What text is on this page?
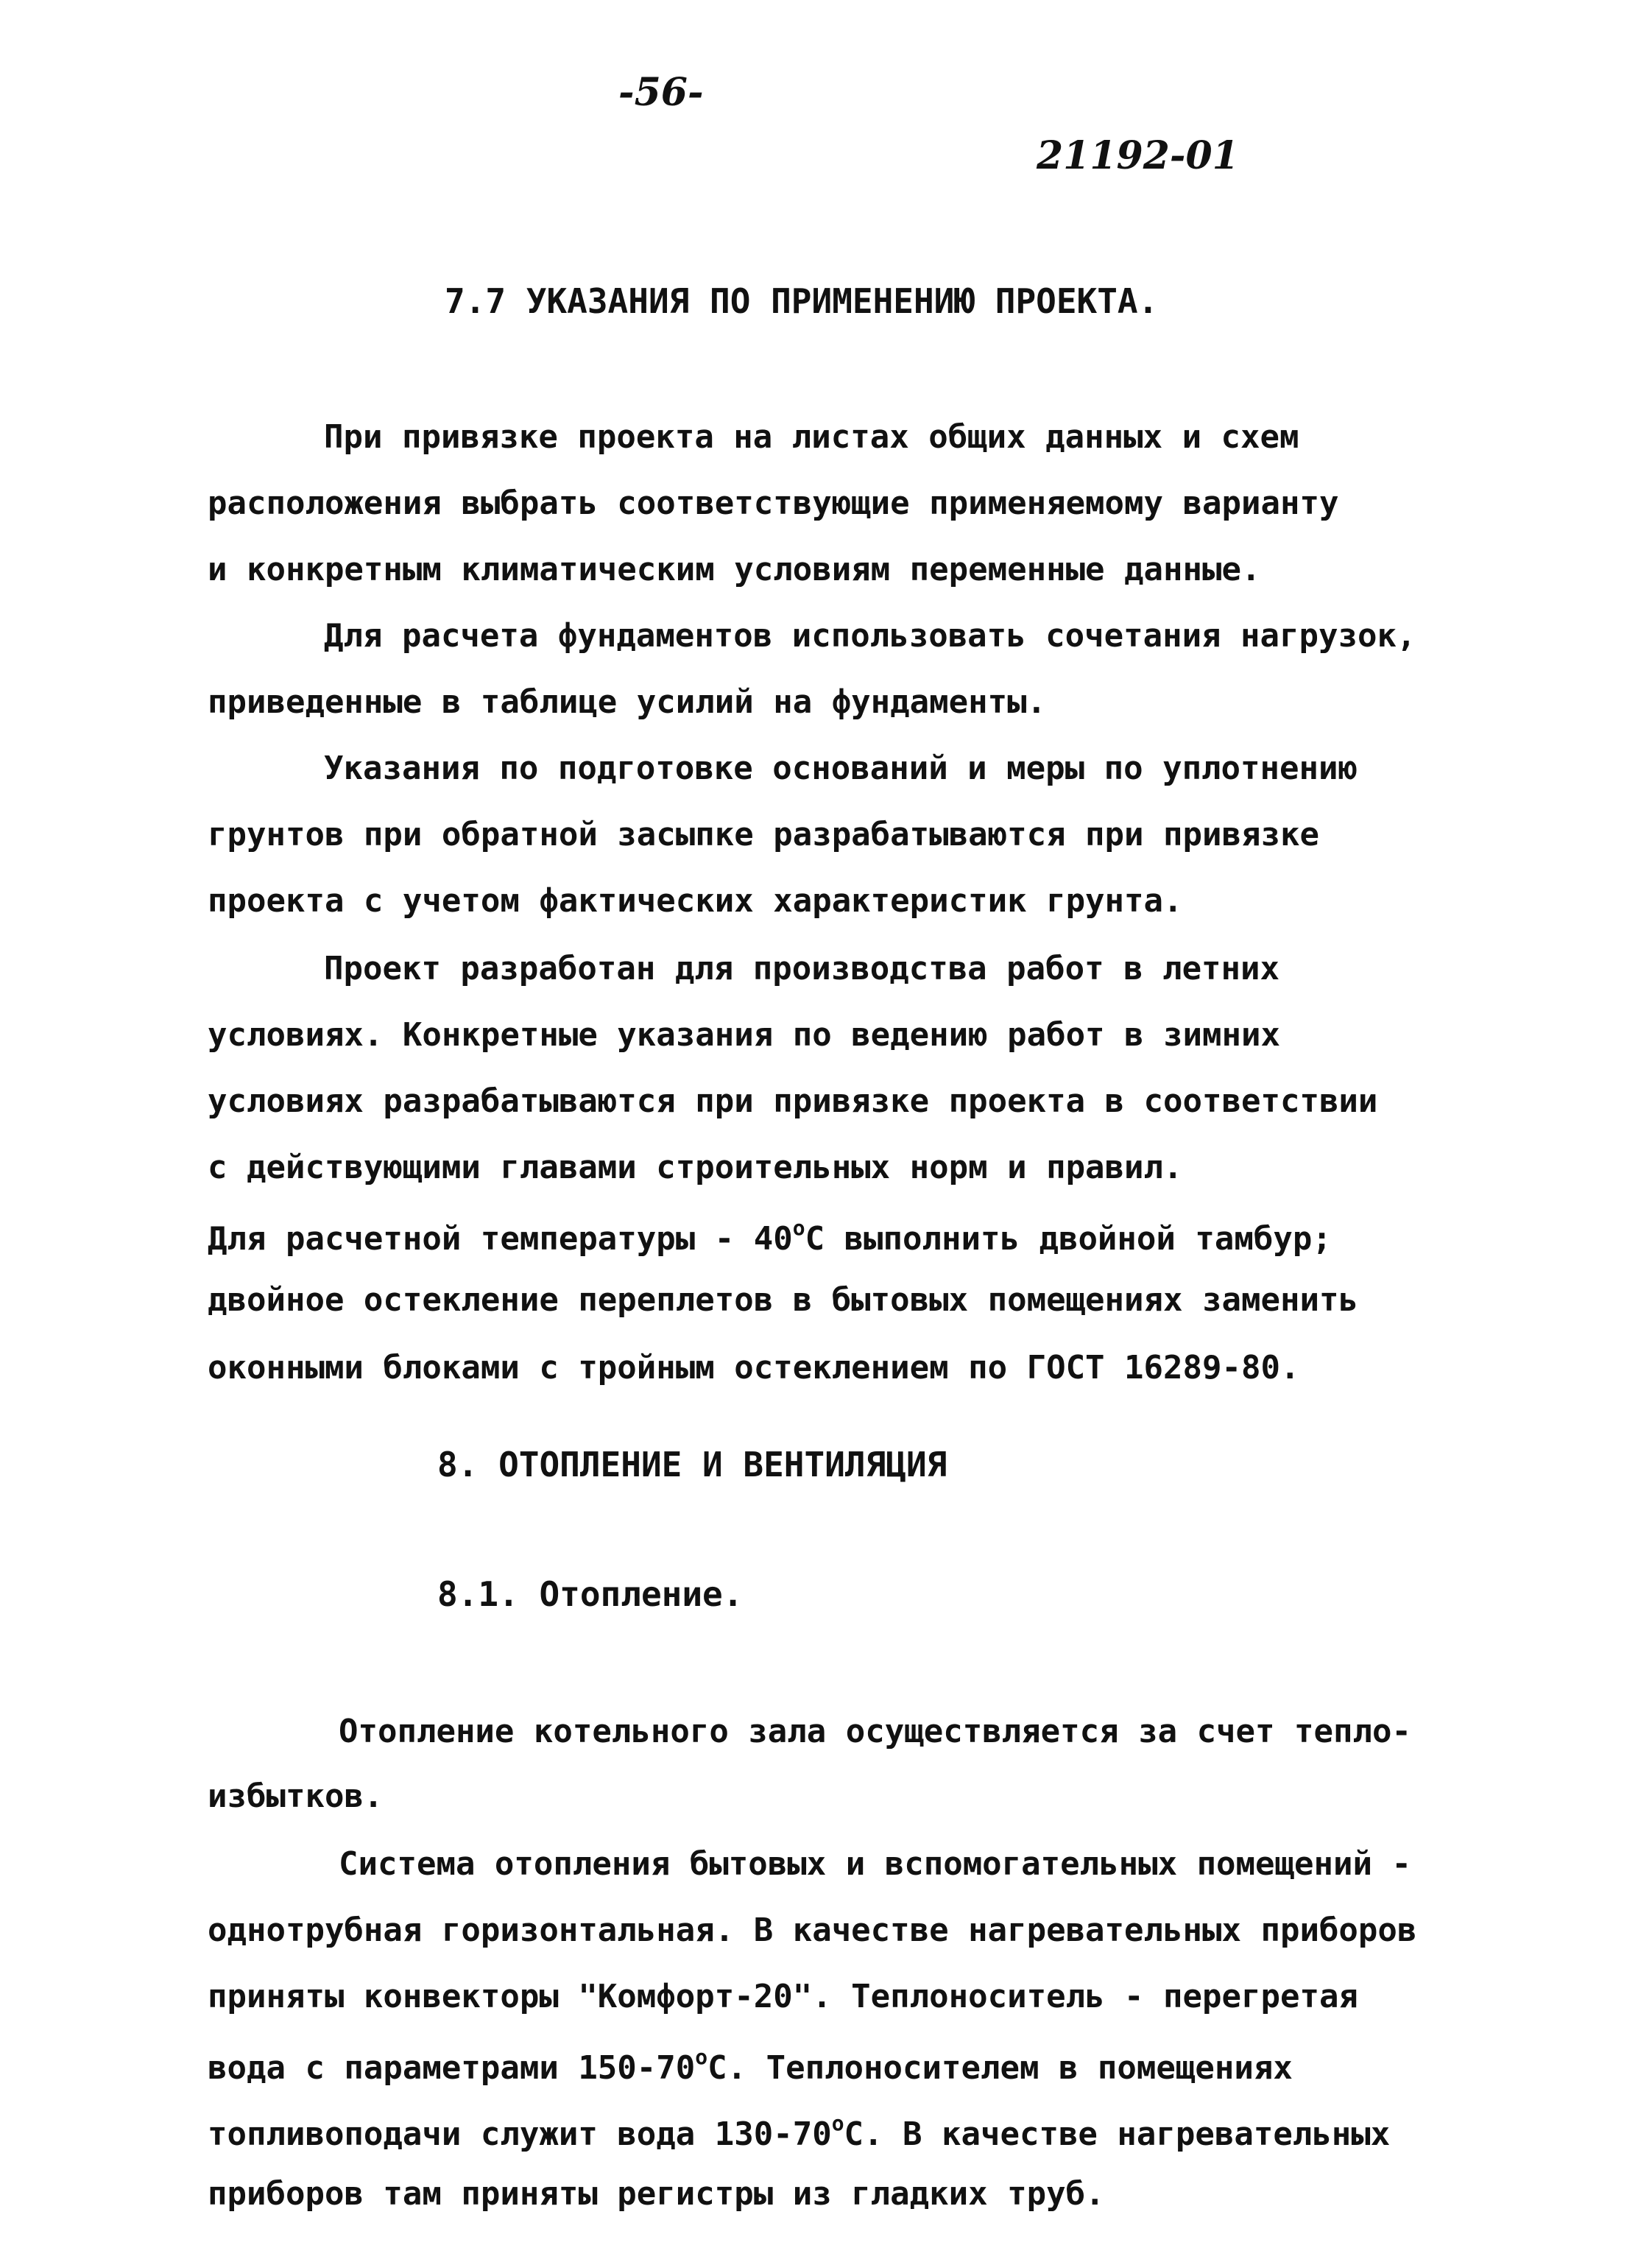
-56-
21192-01
7.7 УКАЗАНИЯ ПО ПРИМЕНЕНИЮ ПРОЕКТА.
При привязке проекта на листах общих данных и схем
расположения выбрать соответствующие применяемому варианту
и конкретным климатическим условиям переменные данные.
Для расчета фундаментов использовать сочетания нагрузок,
приведенные в таблице усилий на фундаменты.
Указания по подготовке оснований и меры по уплотнению
грунтов при обратной засыпке разрабатываются при привязке
проекта с учетом фактических характеристик грунта.
Проект разработан для производства работ в летних
условиях. Конкретные указания по ведению работ в зимних
условиях разрабатываются при привязке проекта в соответствии
с действующими главами строительных норм и правил.
Для расчетной температуры - 40$^o$С выполнить двойной тамбур;
двойное остекление переплетов в бытовых помещениях заменить
оконными блоками с тройным остеклением по ГОСТ 16289-80.
8. ОТОПЛЕНИЕ И ВЕНТИЛЯЦИЯ
8.1. Отопление.
Отопление котельного зала осуществляется за счет тепло-
избытков.
Система отопления бытовых и вспомогательных помещений -
однотрубная горизонтальная. В качестве нагревательных приборов
приняты конвекторы "Комфорт-20". Теплоноситель - перегретая
вода с параметрами 150-70$^o$С. Теплоносителем в помещениях
топливоподачи служит вода 130-70$^o$С. В качестве нагревательных
приборов там приняты регистры из гладких труб.
